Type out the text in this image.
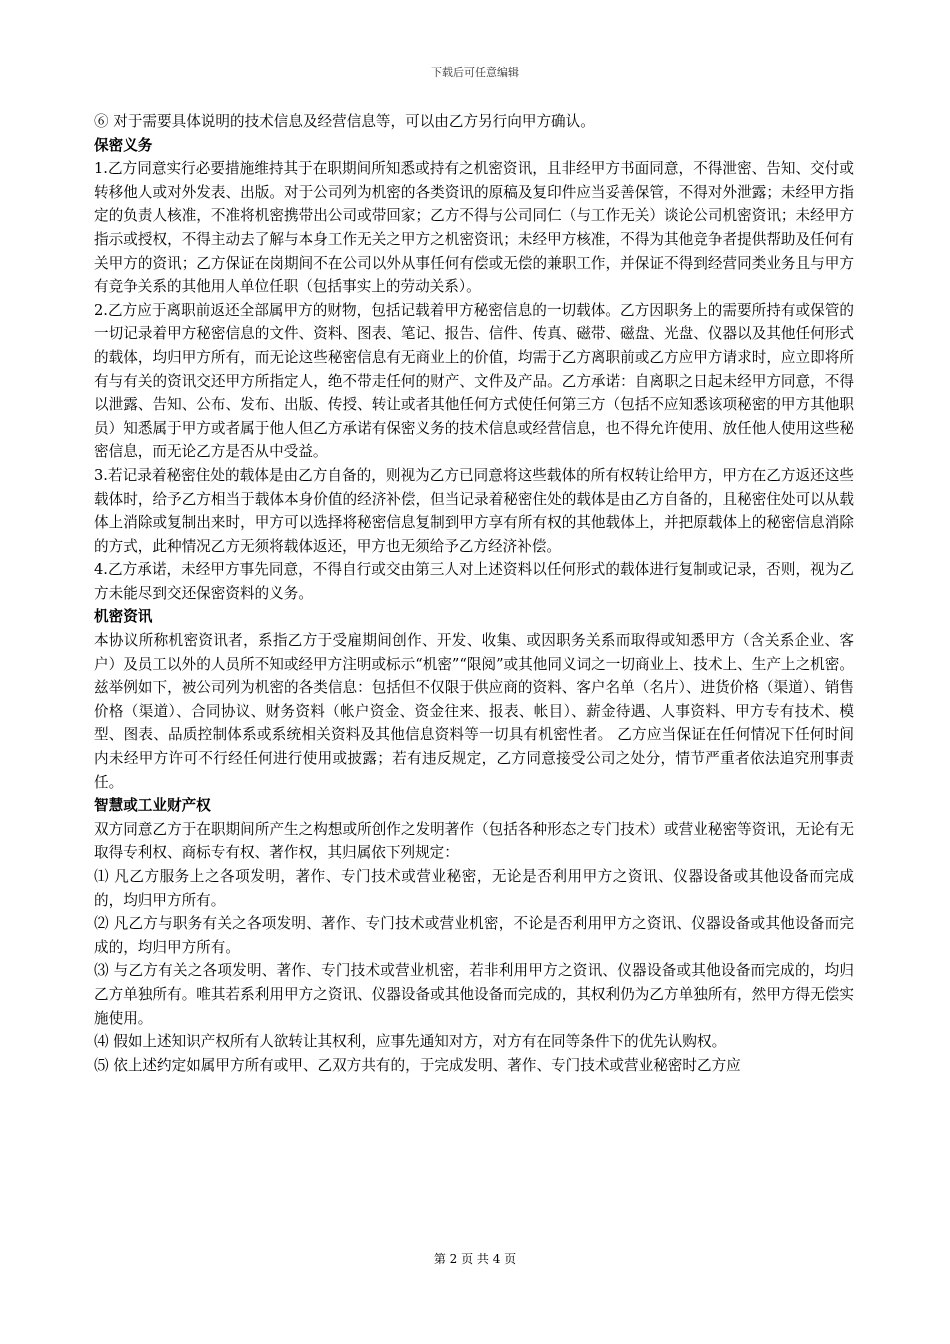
下载后可任意编辑

⑥ 对于需要具体说明的技术信息及经营信息等，可以由乙方另行向甲方确认。

保密义务

1.乙方同意实行必要措施维持其于在职期间所知悉或持有之机密资讯，且非经甲方书面同意，不得泄密、告知、交付或转移他人或对外发表、出版。对于公司列为机密的各类资讯的原稿及复印件应当妥善保管，不得对外泄露；未经甲方指定的负责人核准，不准将机密携带出公司或带回家；乙方不得与公司同仁（与工作无关）谈论公司机密资讯；未经甲方指示或授权，不得主动去了解与本身工作无关之甲方之机密资讯；未经甲方核准，不得为其他竞争者提供帮助及任何有关甲方的资讯；乙方保证在岗期间不在公司以外从事任何有偿或无偿的兼职工作，并保证不得到经营同类业务且与甲方有竞争关系的其他用人单位任职（包括事实上的劳动关系）。

2.乙方应于离职前返还全部属甲方的财物，包括记载着甲方秘密信息的一切载体。乙方因职务上的需要所持有或保管的一切记录着甲方秘密信息的文件、资料、图表、笔记、报告、信件、传真、磁带、磁盘、光盘、仪器以及其他任何形式的载体，均归甲方所有，而无论这些秘密信息有无商业上的价值，均需于乙方离职前或乙方应甲方请求时，应立即将所有与有关的资讯交还甲方所指定人，绝不带走任何的财产、文件及产品。乙方承诺：自离职之日起未经甲方同意，不得以泄露、告知、公布、发布、出版、传授、转让或者其他任何方式使任何第三方（包括不应知悉该项秘密的甲方其他职员）知悉属于甲方或者属于他人但乙方承诺有保密义务的技术信息或经营信息，也不得允许使用、放任他人使用这些秘密信息，而无论乙方是否从中受益。

3.若记录着秘密住处的载体是由乙方自备的，则视为乙方已同意将这些载体的所有权转让给甲方，甲方在乙方返还这些载体时，给予乙方相当于载体本身价值的经济补偿，但当记录着秘密住处的载体是由乙方自备的，且秘密住处可以从载体上消除或复制出来时，甲方可以选择将秘密信息复制到甲方享有所有权的其他载体上，并把原载体上的秘密信息消除的方式，此种情况乙方无须将载体返还，甲方也无须给予乙方经济补偿。

4.乙方承诺，未经甲方事先同意，不得自行或交由第三人对上述资料以任何形式的载体进行复制或记录，否则，视为乙方未能尽到交还保密资料的义务。

机密资讯

本协议所称机密资讯者，系指乙方于受雇期间创作、开发、收集、或因职务关系而取得或知悉甲方（含关系企业、客户）及员工以外的人员所不知或经甲方注明或标示“机密”“限阅”或其他同义词之一切商业上、技术上、生产上之机密。兹举例如下，被公司列为机密的各类信息：包括但不仅限于供应商的资料、客户名单（名片）、进货价格（渠道）、销售价格（渠道）、合同协议、财务资料（帐户资金、资金往来、报表、帐目）、薪金待遇、人事资料、甲方专有技术、模型、图表、品质控制体系或系统相关资料及其他信息资料等一切具有机密性者。 乙方应当保证在任何情况下任何时间内未经甲方许可不行经任何进行使用或披露；若有违反规定，乙方同意接受公司之处分，情节严重者依法追究刑事责任。

智慧或工业财产权

双方同意乙方于在职期间所产生之构想或所创作之发明著作（包括各种形态之专门技术）或营业秘密等资讯，无论有无取得专利权、商标专有权、著作权，其归属依下列规定：

⑴ 凡乙方服务上之各项发明，著作、专门技术或营业秘密，无论是否利用甲方之资讯、仪器设备或其他设备而完成的，均归甲方所有。

⑵ 凡乙方与职务有关之各项发明、著作、专门技术或营业机密，不论是否利用甲方之资讯、仪器设备或其他设备而完成的，均归甲方所有。

⑶ 与乙方有关之各项发明、著作、专门技术或营业机密，若非利用甲方之资讯、仪器设备或其他设备而完成的，均归乙方单独所有。唯其若系利用甲方之资讯、仪器设备或其他设备而完成的，其权利仍为乙方单独所有，然甲方得无偿实施使用。

⑷ 假如上述知识产权所有人欲转让其权利，应事先通知对方，对方有在同等条件下的优先认购权。

⑸ 依上述约定如属甲方所有或甲、乙双方共有的，于完成发明、著作、专门技术或营业秘密时乙方应

第 2 页 共 4 页
